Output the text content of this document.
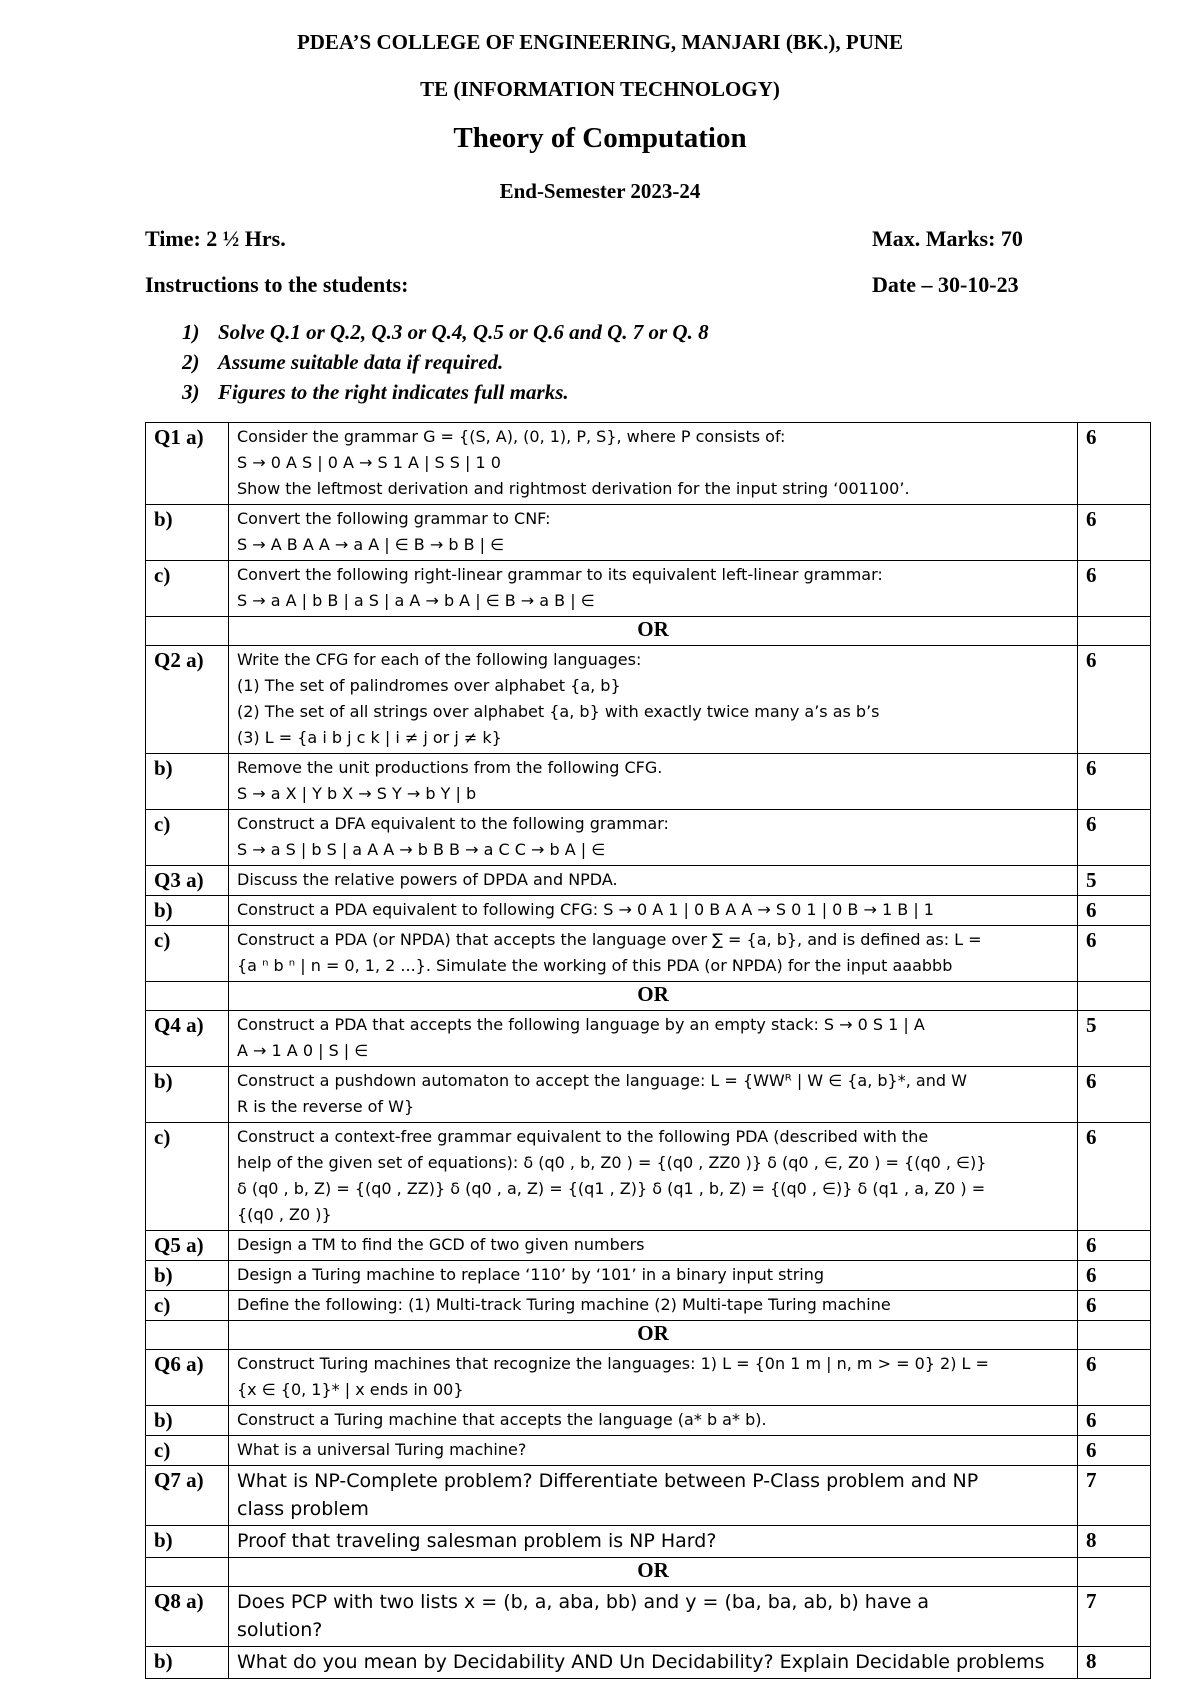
PDEA’S COLLEGE OF ENGINEERING, MANJARI (BK.), PUNE
TE (INFORMATION TECHNOLOGY)
Theory of Computation
End-Semester 2023-24
Time: 2 ½ Hrs.	Max. Marks: 70
Instructions to the students:	Date – 30-10-23
1) Solve Q.1 or Q.2, Q.3 or Q.4, Q.5 or Q.6 and Q. 7 or Q. 8
2) Assume suitable data if required.
3) Figures to the right indicates full marks.
Q1 a)	Consider the grammar G = {(S, A), (0, 1), P, S}, where P consists of:
S → 0 A S | 0 A → S 1 A | S S | 1 0
Show the leftmost derivation and rightmost derivation for the input string ‘001100’.	6
b)	Convert the following grammar to CNF:
S → A B A A → a A | ∈ B → b B | ∈	6
c)	Convert the following right-linear grammar to its equivalent left-linear grammar:
S → a A | b B | a S | a A → b A | ∈ B → a B | ∈	6
	OR	
Q2 a)	Write the CFG for each of the following languages:
(1) The set of palindromes over alphabet {a, b}
(2) The set of all strings over alphabet {a, b} with exactly twice many a’s as b’s
(3) L = {a i b j c k | i ≠ j or j ≠ k}	6
b)	Remove the unit productions from the following CFG.
S → a X | Y b X → S Y → b Y | b	6
c)	Construct a DFA equivalent to the following grammar:
S → a S | b S | a A A → b B B → a C C → b A | ∈	6
Q3 a)	Discuss the relative powers of DPDA and NPDA.	5
b)	Construct a PDA equivalent to following CFG: S → 0 A 1 | 0 B A A → S 0 1 | 0 B → 1 B | 1	6
c)	Construct a PDA (or NPDA) that accepts the language over ∑ = {a, b}, and is defined as: L =
{a ⁿ b ⁿ | n = 0, 1, 2 ...}. Simulate the working of this PDA (or NPDA) for the input aaabbb	6
	OR	
Q4 a)	Construct a PDA that accepts the following language by an empty stack: S → 0 S 1 | A
A → 1 A 0 | S | ∈	5
b)	Construct a pushdown automaton to accept the language: L = {WWᴿ | W ∈ {a, b}*, and W
R is the reverse of W}	6
c)	Construct a context-free grammar equivalent to the following PDA (described with the
help of the given set of equations): δ (q0 , b, Z0 ) = {(q0 , ZZ0 )} δ (q0 , ∈, Z0 ) = {(q0 , ∈)}
δ (q0 , b, Z) = {(q0 , ZZ)} δ (q0 , a, Z) = {(q1 , Z)} δ (q1 , b, Z) = {(q0 , ∈)} δ (q1 , a, Z0 ) =
{(q0 , Z0 )}	6
Q5 a)	Design a TM to find the GCD of two given numbers	6
b)	Design a Turing machine to replace ‘110’ by ‘101’ in a binary input string	6
c)	Define the following: (1) Multi-track Turing machine (2) Multi-tape Turing machine	6
	OR	
Q6 a)	Construct Turing machines that recognize the languages: 1) L = {0n 1 m | n, m > = 0} 2) L =
{x ∈ {0, 1}* | x ends in 00}	6
b)	Construct a Turing machine that accepts the language (a* b a* b).	6
c)	What is a universal Turing machine?	6
Q7 a)	What is NP-Complete problem? Differentiate between P-Class problem and NP
class problem	7
b)	Proof that traveling salesman problem is NP Hard?	8
	OR	
Q8 a)	Does PCP with two lists x = (b, a, aba, bb) and y = (ba, ba, ab, b) have a
solution?	7
b)	What do you mean by Decidability AND Un Decidability? Explain Decidable problems	8
